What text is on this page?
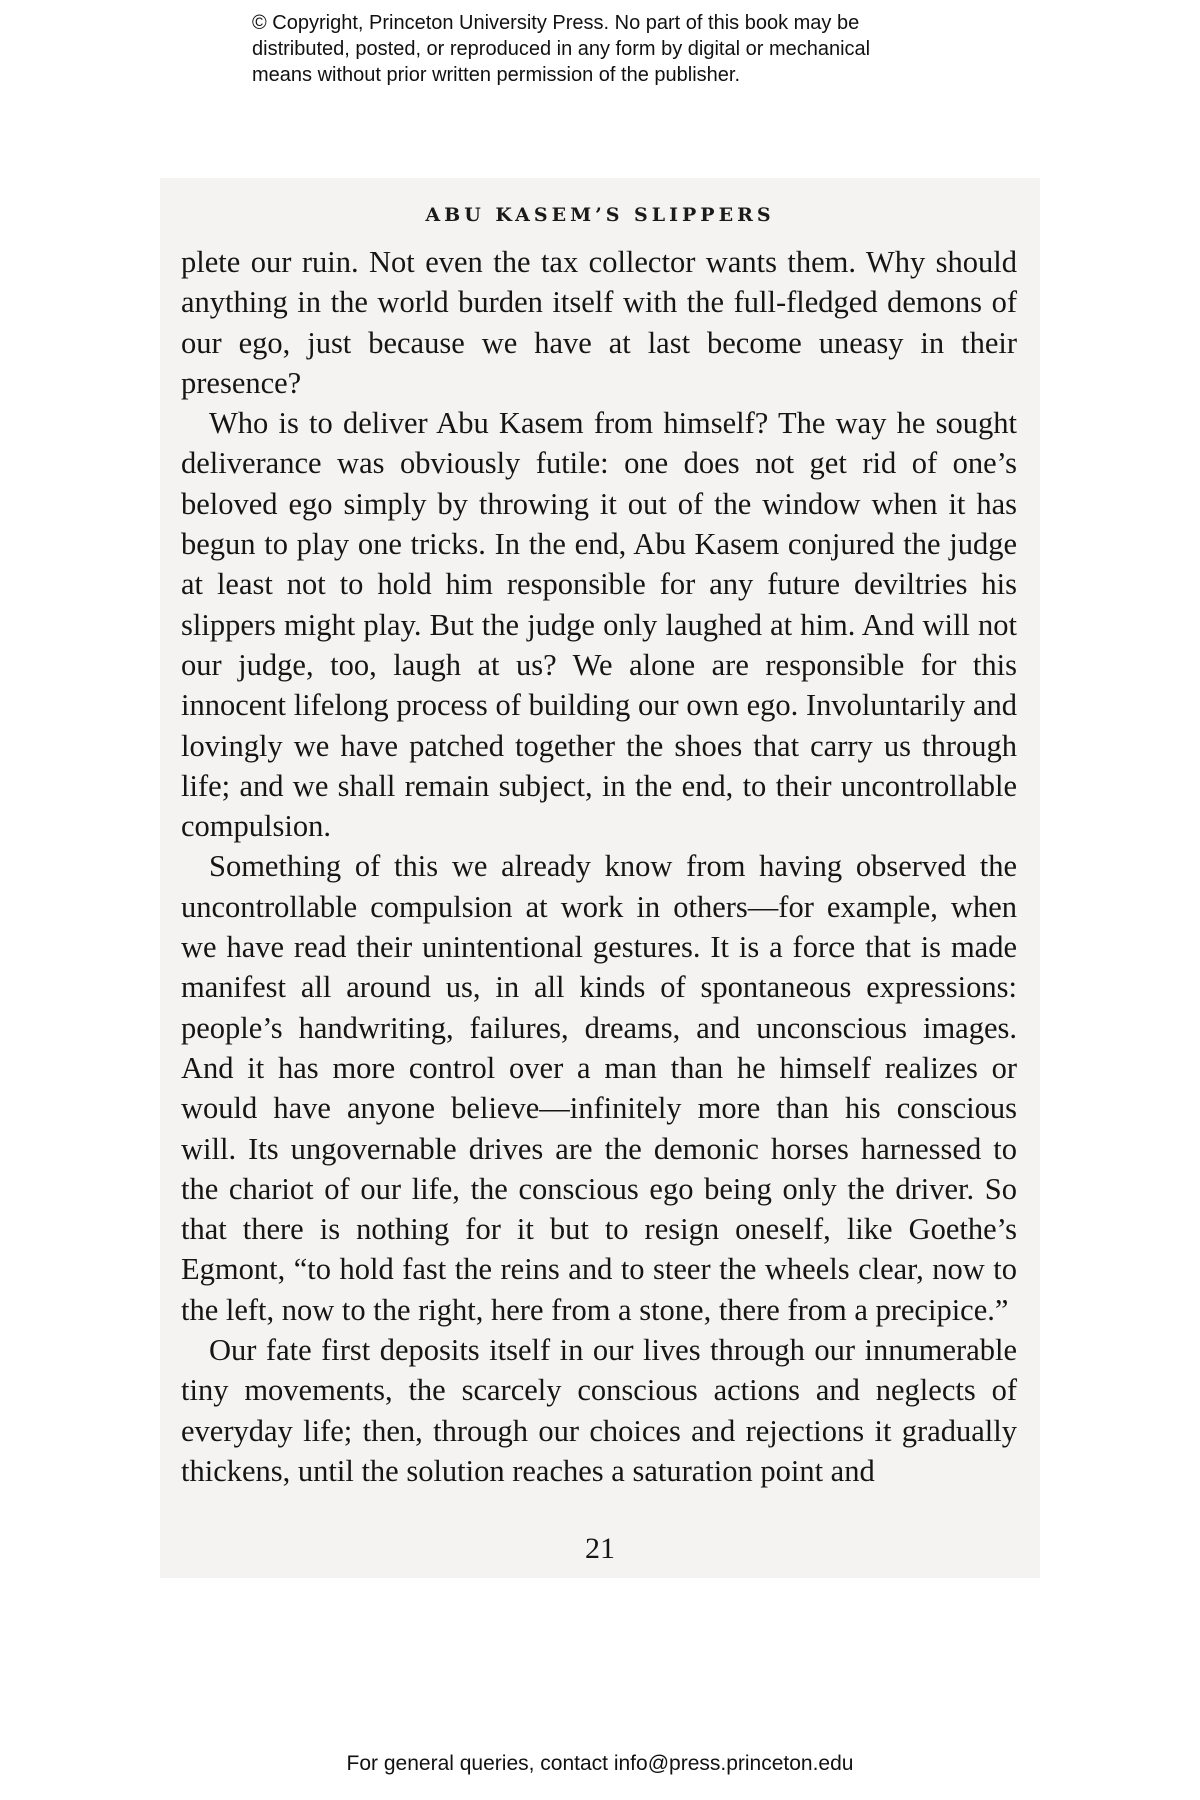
© Copyright, Princeton University Press. No part of this book may be
distributed, posted, or reproduced in any form by digital or mechanical
means without prior written permission of the publisher.
ABU KASEM’S SLIPPERS

plete our ruin. Not even the tax collector wants them. Why should anything in the world burden itself with the full-fledged demons of our ego, just because we have at last become uneasy in their presence?

Who is to deliver Abu Kasem from himself? The way he sought deliverance was obviously futile: one does not get rid of one’s beloved ego simply by throwing it out of the window when it has begun to play one tricks. In the end, Abu Kasem conjured the judge at least not to hold him responsible for any future deviltries his slippers might play. But the judge only laughed at him. And will not our judge, too, laugh at us? We alone are responsible for this innocent lifelong process of building our own ego. Involuntarily and lovingly we have patched together the shoes that carry us through life; and we shall remain subject, in the end, to their uncontrollable compulsion.

Something of this we already know from having observed the uncontrollable compulsion at work in others—for example, when we have read their unintentional gestures. It is a force that is made manifest all around us, in all kinds of spontaneous expressions: people’s handwriting, failures, dreams, and unconscious images. And it has more control over a man than he himself realizes or would have anyone believe—infinitely more than his conscious will. Its ungovernable drives are the demonic horses harnessed to the chariot of our life, the conscious ego being only the driver. So that there is nothing for it but to resign oneself, like Goethe’s Egmont, “to hold fast the reins and to steer the wheels clear, now to the left, now to the right, here from a stone, there from a precipice.”

Our fate first deposits itself in our lives through our innumerable tiny movements, the scarcely conscious actions and neglects of everyday life; then, through our choices and rejections it gradually thickens, until the solution reaches a saturation point and

21
For general queries, contact info@press.princeton.edu
